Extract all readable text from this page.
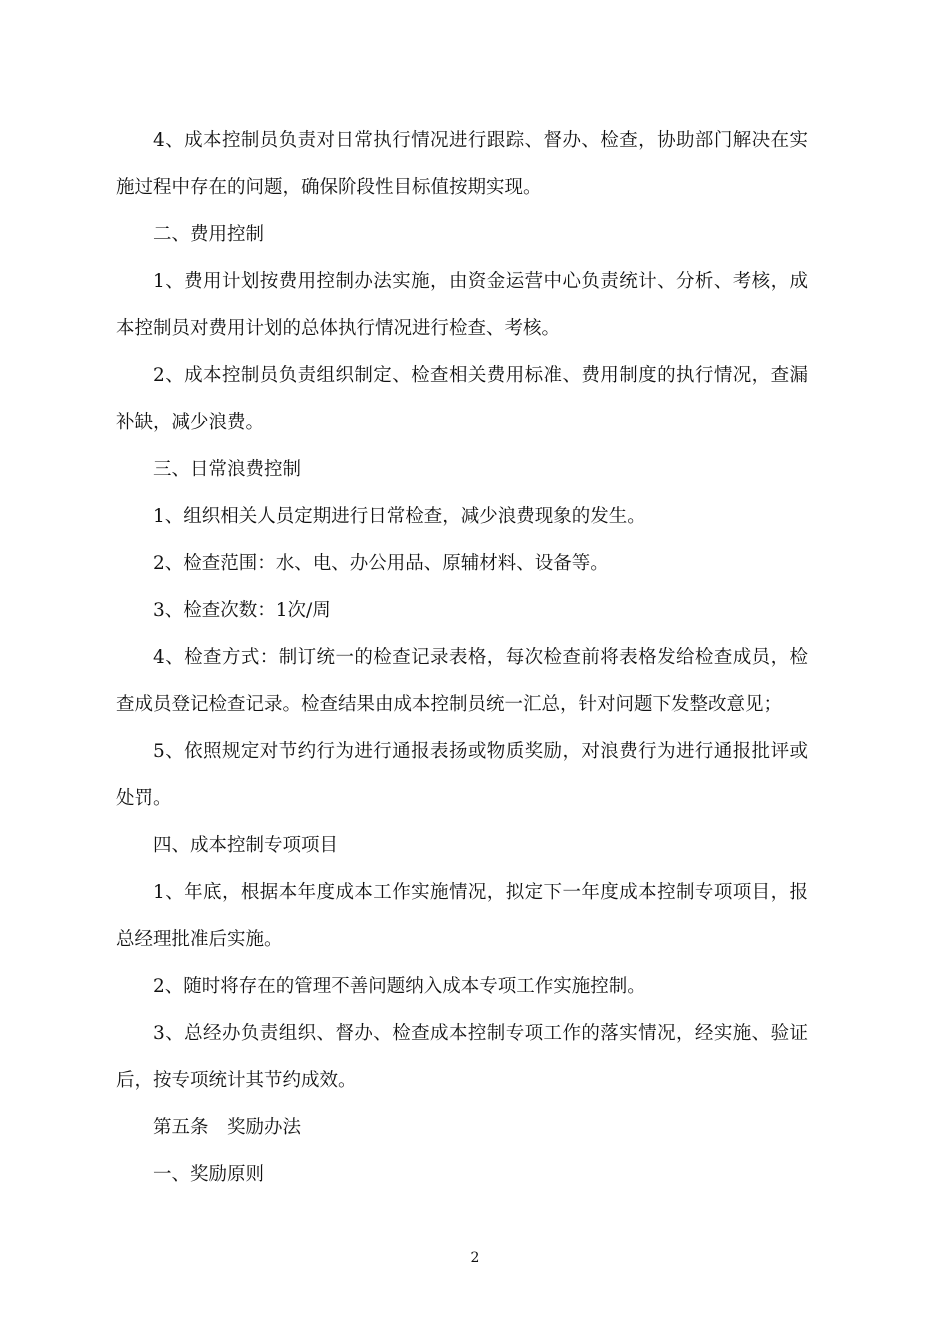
4、成本控制员负责对日常执行情况进行跟踪、督办、检查，协助部门解决在实施过程中存在的问题，确保阶段性目标值按期实现。

二、费用控制

1、费用计划按费用控制办法实施，由资金运营中心负责统计、分析、考核，成本控制员对费用计划的总体执行情况进行检查、考核。

2、成本控制员负责组织制定、检查相关费用标准、费用制度的执行情况，查漏补缺，减少浪费。

三、日常浪费控制

1、组织相关人员定期进行日常检查，减少浪费现象的发生。

2、检查范围：水、电、办公用品、原辅材料、设备等。

3、检查次数：1次/周

4、检查方式：制订统一的检查记录表格，每次检查前将表格发给检查成员，检查成员登记检查记录。检查结果由成本控制员统一汇总，针对问题下发整改意见；

5、依照规定对节约行为进行通报表扬或物质奖励，对浪费行为进行通报批评或处罚。

四、成本控制专项项目

1、年底，根据本年度成本工作实施情况，拟定下一年度成本控制专项项目，报总经理批准后实施。

2、随时将存在的管理不善问题纳入成本专项工作实施控制。

3、总经办负责组织、督办、检查成本控制专项工作的落实情况，经实施、验证后，按专项统计其节约成效。

第五条　奖励办法

一、奖励原则

2
